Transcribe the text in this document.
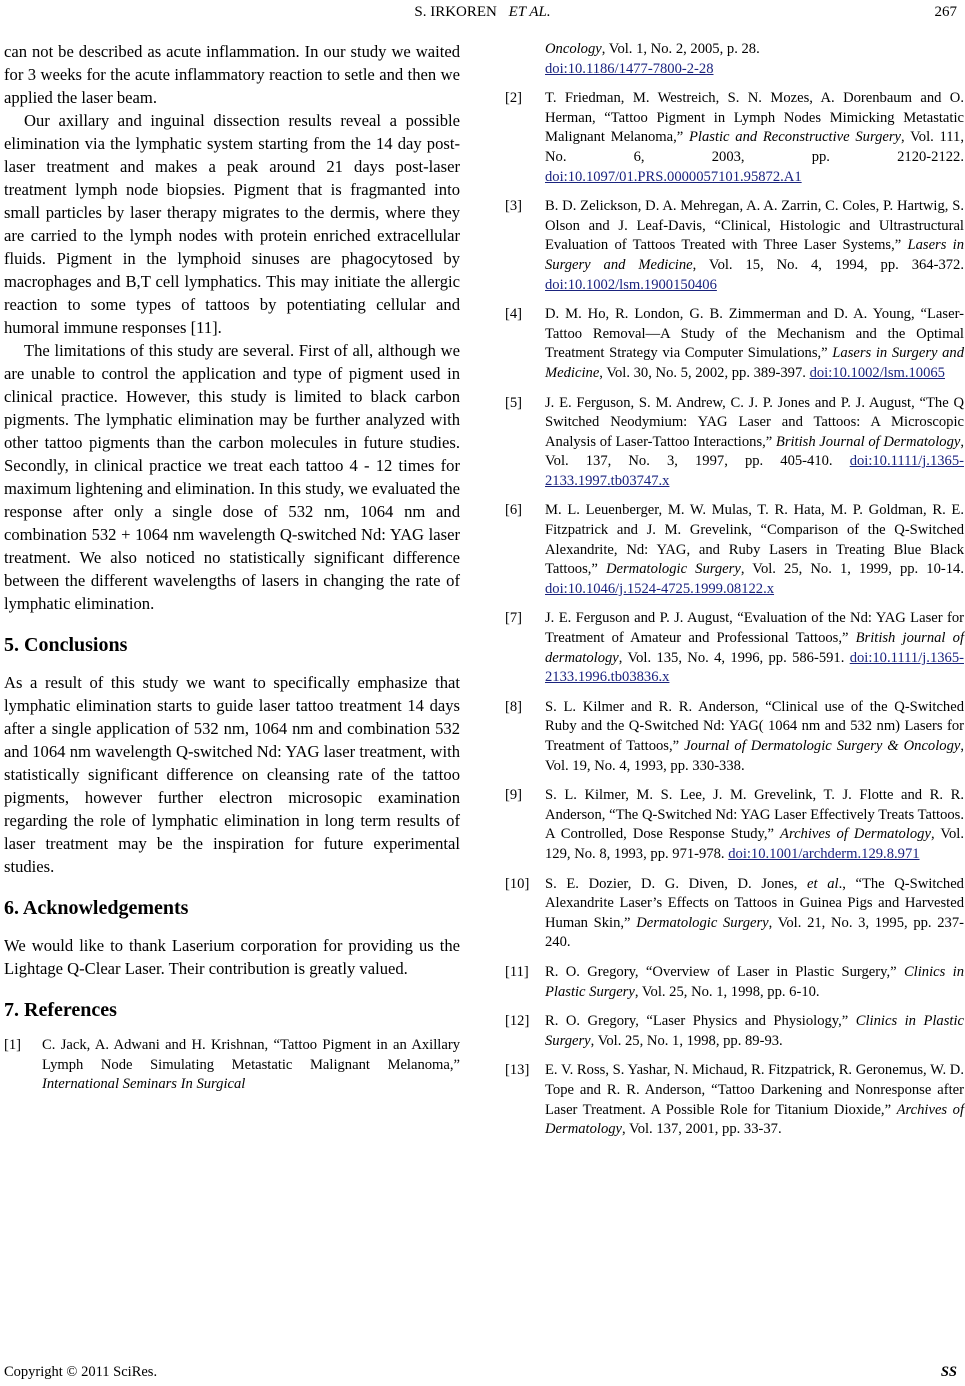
S. IRKOREN ET AL.	267

can not be described as acute inflammation. In our study we waited for 3 weeks for the acute inflammatory reaction to setle and then we applied the laser beam.

Our axillary and inguinal dissection results reveal a possible elimination via the lymphatic system starting from the 14 day post-laser treatment and makes a peak around 21 days post-laser treatment lymph node biopsies. Pigment that is fragmanted into small particles by laser therapy migrates to the dermis, where they are carried to the lymph nodes with protein enriched extracellular fluids. Pigment in the lymphoid sinuses are phagocytosed by macrophages and B,T cell lymphatics. This may initiate the allergic reaction to some types of tattoos by potentiating cellular and humoral immune responses [11].

The limitations of this study are several. First of all, although we are unable to control the application and type of pigment used in clinical practice. However, this study is limited to black carbon pigments. The lymphatic elimination may be further analyzed with other tattoo pigments than the carbon molecules in future studies. Secondly, in clinical practice we treat each tattoo 4 - 12 times for maximum lightening and elimination. In this study, we evaluated the response after only a single dose of 532 nm, 1064 nm and combination 532 + 1064 nm wavelength Q-switched Nd: YAG laser treatment. We also noticed no statistically significant difference between the different wavelengths of lasers in changing the rate of lymphatic elimination.

5. Conclusions

As a result of this study we want to specifically emphasize that lymphatic elimination starts to guide laser tattoo treatment 14 days after a single application of 532 nm, 1064 nm and combination 532 and 1064 nm wavelength Q-switched Nd: YAG laser treatment, with statistically significant difference on cleansing rate of the tattoo pigments, however further electron microsopic examination regarding the role of lymphatic elimination in long term results of laser treatment may be the inspiration for future experimental studies.

6. Acknowledgements

We would like to thank Laserium corporation for providing us the Lightage Q-Clear Laser. Their contribution is greatly valued.

7. References
[1]	C. Jack, A. Adwani and H. Krishnan, “Tattoo Pigment in an Axillary Lymph Node Simulating Metastatic Malignant Melanoma,” International Seminars In Surgical
Oncology, Vol. 1, No. 2, 2005, p. 28.
doi:10.1186/1477-7800-2-28
[2]	T. Friedman, M. Westreich, S. N. Mozes, A. Dorenbaum and O. Herman, “Tattoo Pigment in Lymph Nodes Mimicking Metastatic Malignant Melanoma,” Plastic and Reconstructive Surgery, Vol. 111, No. 6, 2003, pp. 2120-2122. doi:10.1097/01.PRS.0000057101.95872.A1
[3]	B. D. Zelickson, D. A. Mehregan, A. A. Zarrin, C. Coles, P. Hartwig, S. Olson and J. Leaf-Davis, “Clinical, Histologic and Ultrastructural Evaluation of Tattoos Treated with Three Laser Systems,” Lasers in Surgery and Medicine, Vol. 15, No. 4, 1994, pp. 364-372. doi:10.1002/lsm.1900150406
[4]	D. M. Ho, R. London, G. B. Zimmerman and D. A. Young, “Laser-Tattoo Removal—A Study of the Mechanism and the Optimal Treatment Strategy via Computer Simulations,” Lasers in Surgery and Medicine, Vol. 30, No. 5, 2002, pp. 389-397. doi:10.1002/lsm.10065
[5]	J. E. Ferguson, S. M. Andrew, C. J. P. Jones and P. J. August, “The Q Switched Neodymium: YAG Laser and Tattoos: A Microscopic Analysis of Laser-Tattoo Interactions,” British Journal of Dermatology, Vol. 137, No. 3, 1997, pp. 405-410. doi:10.1111/j.1365-2133.1997.tb03747.x
[6]	M. L. Leuenberger, M. W. Mulas, T. R. Hata, M. P. Goldman, R. E. Fitzpatrick and J. M. Grevelink, “Comparison of the Q-Switched Alexandrite, Nd: YAG, and Ruby Lasers in Treating Blue Black Tattoos,” Dermatologic Surgery, Vol. 25, No. 1, 1999, pp. 10-14. doi:10.1046/j.1524-4725.1999.08122.x
[7]	J. E. Ferguson and P. J. August, “Evaluation of the Nd: YAG Laser for Treatment of Amateur and Professional Tattoos,” British journal of dermatology, Vol. 135, No. 4, 1996, pp. 586-591. doi:10.1111/j.1365-2133.1996.tb03836.x
[8]	S. L. Kilmer and R. R. Anderson, “Clinical use of the Q-Switched Ruby and the Q-Switched Nd: YAG( 1064 nm and 532 nm) Lasers for Treatment of Tattoos,” Journal of Dermatologic Surgery & Oncology, Vol. 19, No. 4, 1993, pp. 330-338.
[9]	S. L. Kilmer, M. S. Lee, J. M. Grevelink, T. J. Flotte and R. R. Anderson, “The Q-Switched Nd: YAG Laser Effectively Treats Tattoos. A Controlled, Dose Response Study,” Archives of Dermatology, Vol. 129, No. 8, 1993, pp. 971-978. doi:10.1001/archderm.129.8.971
[10]	S. E. Dozier, D. G. Diven, D. Jones, et al., “The Q-Switched Alexandrite Laser’s Effects on Tattoos in Guinea Pigs and Harvested Human Skin,” Dermatologic Surgery, Vol. 21, No. 3, 1995, pp. 237-240.
[11]	R. O. Gregory, “Overview of Laser in Plastic Surgery,” Clinics in Plastic Surgery, Vol. 25, No. 1, 1998, pp. 6-10.
[12]	R. O. Gregory, “Laser Physics and Physiology,” Clinics in Plastic Surgery, Vol. 25, No. 1, 1998, pp. 89-93.
[13]	E. V. Ross, S. Yashar, N. Michaud, R. Fitzpatrick, R. Geronemus, W. D. Tope and R. R. Anderson, “Tattoo Darkening and Nonresponse after Laser Treatment. A Possible Role for Titanium Dioxide,” Archives of Dermatology, Vol. 137, 2001, pp. 33-37.
Copyright © 2011 SciRes.	SS
